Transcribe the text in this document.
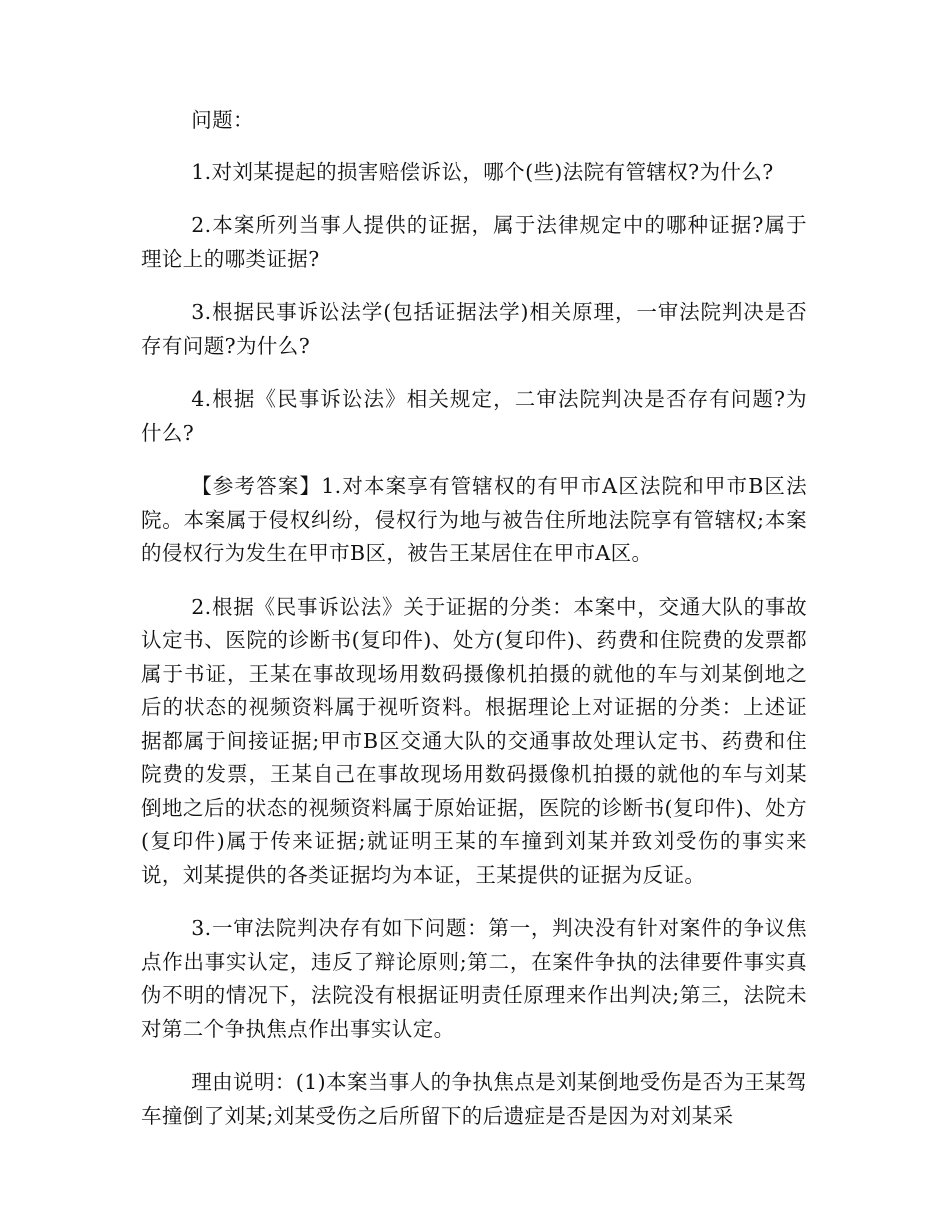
问题：

1.对刘某提起的损害赔偿诉讼，哪个(些)法院有管辖权?为什么?

2.本案所列当事人提供的证据，属于法律规定中的哪种证据?属于理论上的哪类证据?

3.根据民事诉讼法学(包括证据法学)相关原理，一审法院判决是否存有问题?为什么?

4.根据《民事诉讼法》相关规定，二审法院判决是否存有问题?为什么?

【参考答案】1.对本案享有管辖权的有甲市A区法院和甲市B区法院。本案属于侵权纠纷，侵权行为地与被告住所地法院享有管辖权;本案的侵权行为发生在甲市B区，被告王某居住在甲市A区。

2.根据《民事诉讼法》关于证据的分类：本案中，交通大队的事故认定书、医院的诊断书(复印件)、处方(复印件)、药费和住院费的发票都属于书证，王某在事故现场用数码摄像机拍摄的就他的车与刘某倒地之后的状态的视频资料属于视听资料。根据理论上对证据的分类：上述证据都属于间接证据;甲市B区交通大队的交通事故处理认定书、药费和住院费的发票，王某自己在事故现场用数码摄像机拍摄的就他的车与刘某倒地之后的状态的视频资料属于原始证据，医院的诊断书(复印件)、处方(复印件)属于传来证据;就证明王某的车撞到刘某并致刘受伤的事实来说，刘某提供的各类证据均为本证，王某提供的证据为反证。

3.一审法院判决存有如下问题：第一，判决没有针对案件的争议焦点作出事实认定，违反了辩论原则;第二，在案件争执的法律要件事实真伪不明的情况下，法院没有根据证明责任原理来作出判决;第三，法院未对第二个争执焦点作出事实认定。

理由说明：(1)本案当事人的争执焦点是刘某倒地受伤是否为王某驾车撞倒了刘某;刘某受伤之后所留下的后遗症是否是因为对刘某采
